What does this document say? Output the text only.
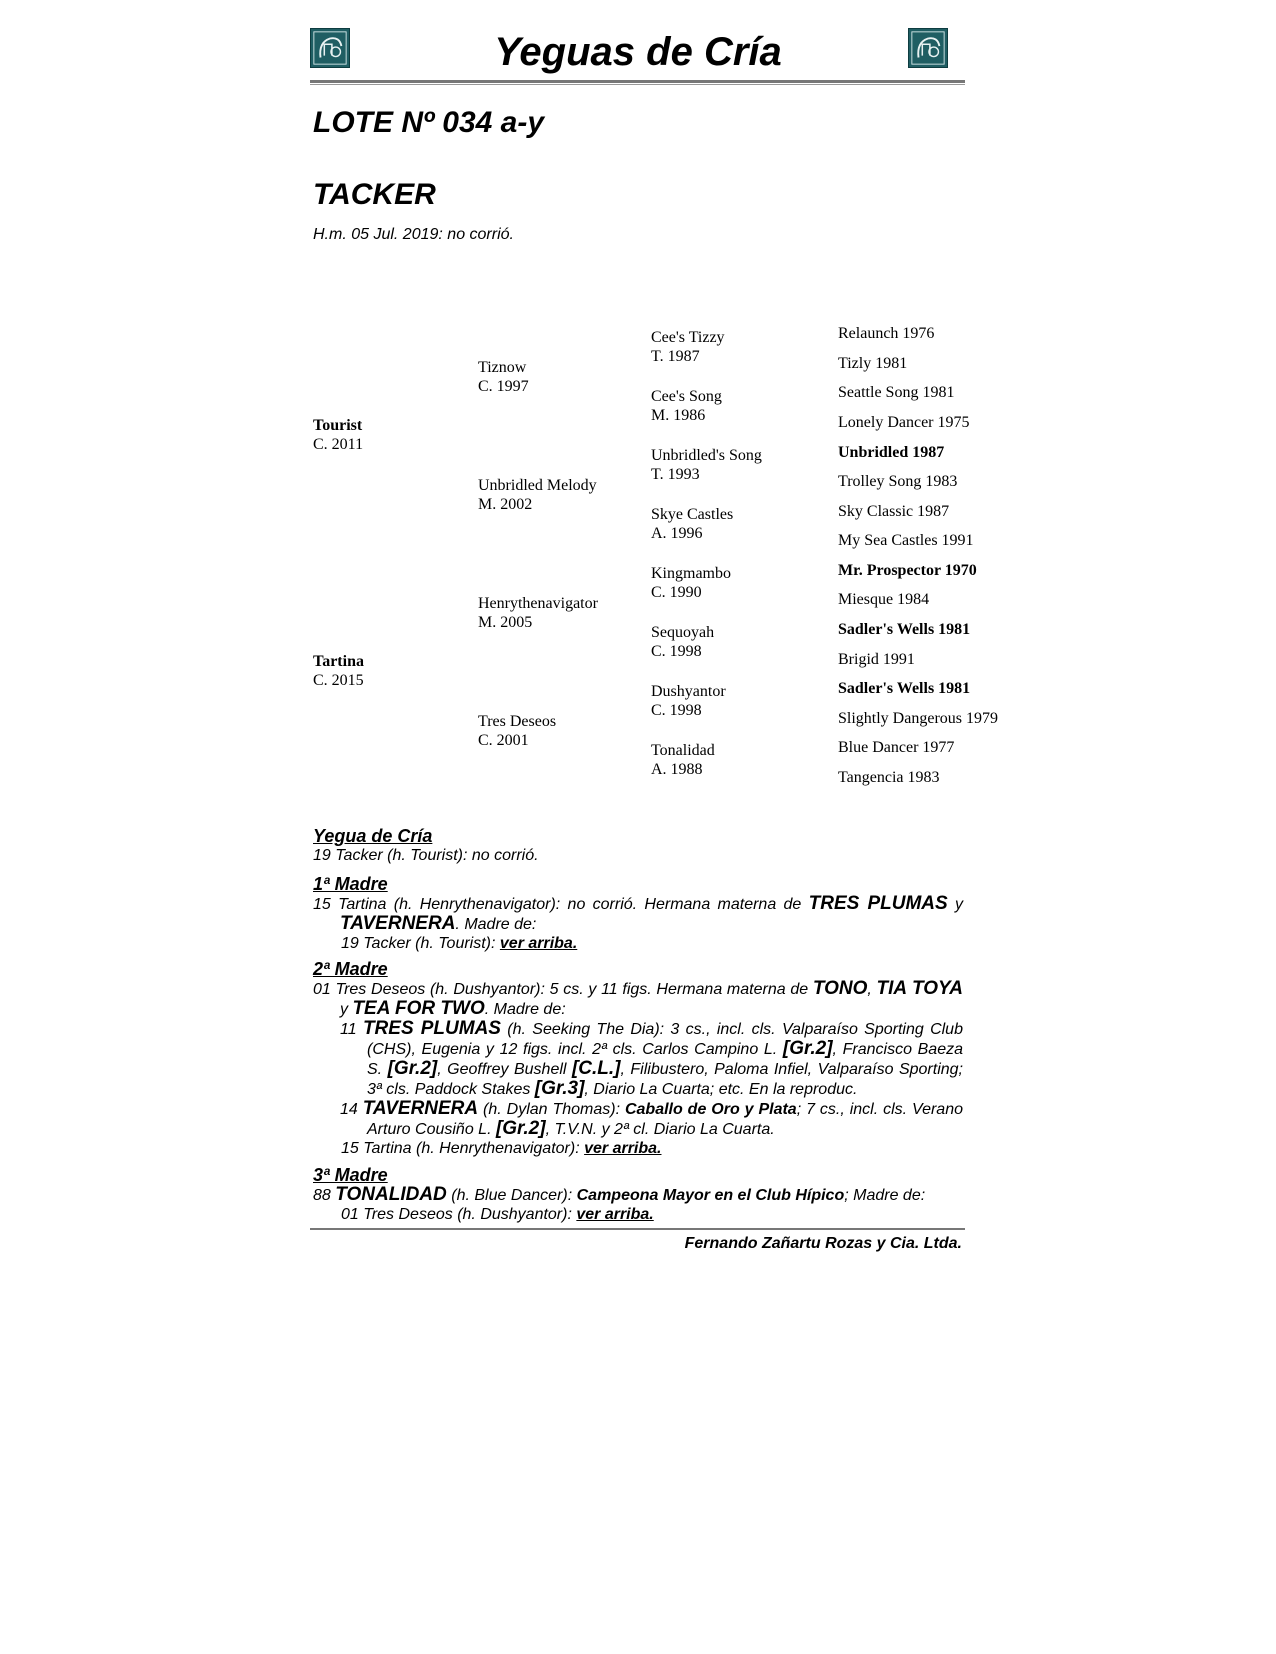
Yeguas de Cría
LOTE Nº 034 a-y
TACKER
H.m. 05 Jul. 2019: no corrió.
Tourist
C. 2011
Tartina
C. 2015
Tiznow
C. 1997
Unbridled Melody
M. 2002
Henrythenavigator
M. 2005
Tres Deseos
C. 2001
Cee's Tizzy
T. 1987
Cee's Song
M. 1986
Unbridled's Song
T. 1993
Skye Castles
A. 1996
Kingmambo
C. 1990
Sequoyah
C. 1998
Dushyantor
C. 1998
Tonalidad
A. 1988
Relaunch 1976
Tizly 1981
Seattle Song 1981
Lonely Dancer 1975
Unbridled 1987
Trolley Song 1983
Sky Classic 1987
My Sea Castles 1991
Mr. Prospector 1970
Miesque 1984
Sadler's Wells 1981
Brigid 1991
Sadler's Wells 1981
Slightly Dangerous 1979
Blue Dancer 1977
Tangencia 1983
Yegua de Cría
19 Tacker (h. Tourist): no corrió.
1ª Madre
15 Tartina (h. Henrythenavigator): no corrió. Hermana materna de TRES PLUMAS y TAVERNERA. Madre de:
19 Tacker (h. Tourist): ver arriba.
2ª Madre
01 Tres Deseos (h. Dushyantor): 5 cs. y 11 figs. Hermana materna de TONO, TIA TOYA y TEA FOR TWO. Madre de:
11 TRES PLUMAS (h. Seeking The Dia): 3 cs., incl. cls. Valparaíso Sporting Club (CHS), Eugenia y 12 figs. incl. 2ª cls. Carlos Campino L. [Gr.2], Francisco Baeza S. [Gr.2], Geoffrey Bushell [C.L.], Filibustero, Paloma Infiel, Valparaíso Sporting; 3ª cls. Paddock Stakes [Gr.3], Diario La Cuarta; etc. En la reproduc.
14 TAVERNERA (h. Dylan Thomas): Caballo de Oro y Plata; 7 cs., incl. cls. Verano Arturo Cousiño L. [Gr.2], T.V.N. y 2ª cl. Diario La Cuarta.
15 Tartina (h. Henrythenavigator): ver arriba.
3ª Madre
88 TONALIDAD (h. Blue Dancer): Campeona Mayor en el Club Hípico; Madre de:
01 Tres Deseos (h. Dushyantor): ver arriba.
Fernando Zañartu Rozas y Cia. Ltda.
